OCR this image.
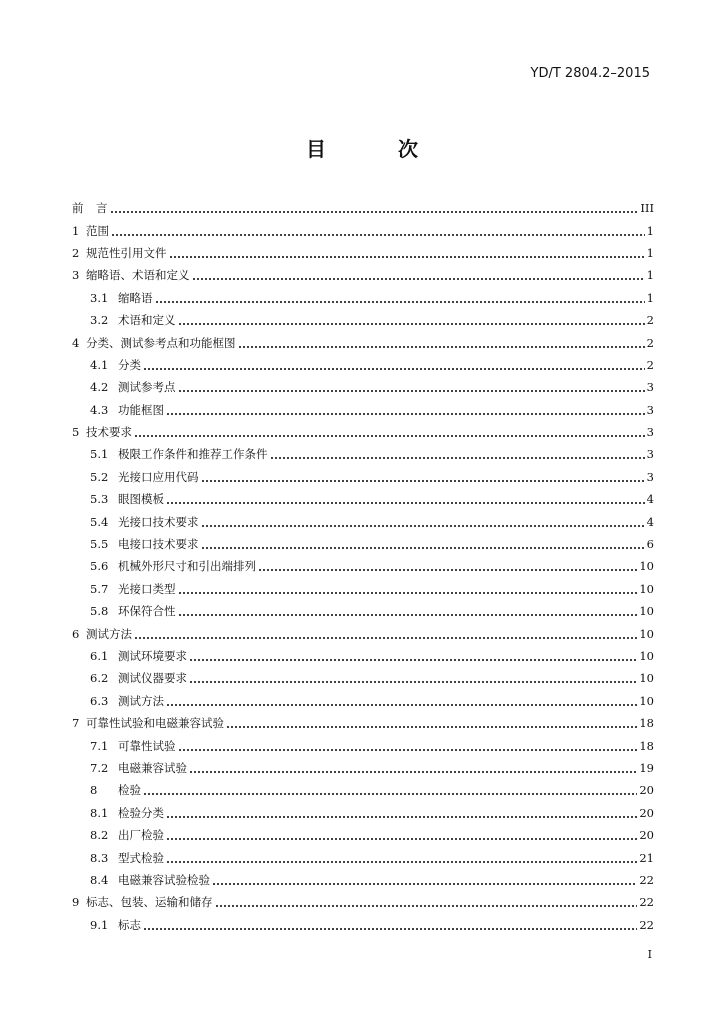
YD/T 2804.2–2015
目　次
前 言	III
1 范围	1
2 规范性引用文件	1
3 缩略语、术语和定义	1
3.1 缩略语	1
3.2 术语和定义	2
4 分类、测试参考点和功能框图	2
4.1 分类	2
4.2 测试参考点	3
4.3 功能框图	3
5 技术要求	3
5.1 极限工作条件和推荐工作条件	3
5.2 光接口应用代码	3
5.3 眼图模板	4
5.4 光接口技术要求	4
5.5 电接口技术要求	6
5.6 机械外形尺寸和引出端排列	10
5.7 光接口类型	10
5.8 环保符合性	10
6 测试方法	10
6.1 测试环境要求	10
6.2 测试仪器要求	10
6.3 测试方法	10
7 可靠性试验和电磁兼容试验	18
7.1 可靠性试验	18
7.2 电磁兼容试验	19
8	检验	20
8.1 检验分类	20
8.2 出厂检验	20
8.3 型式检验	21
8.4 电磁兼容试验检验	22
9 标志、包装、运输和储存	22
9.1 标志	22
I
